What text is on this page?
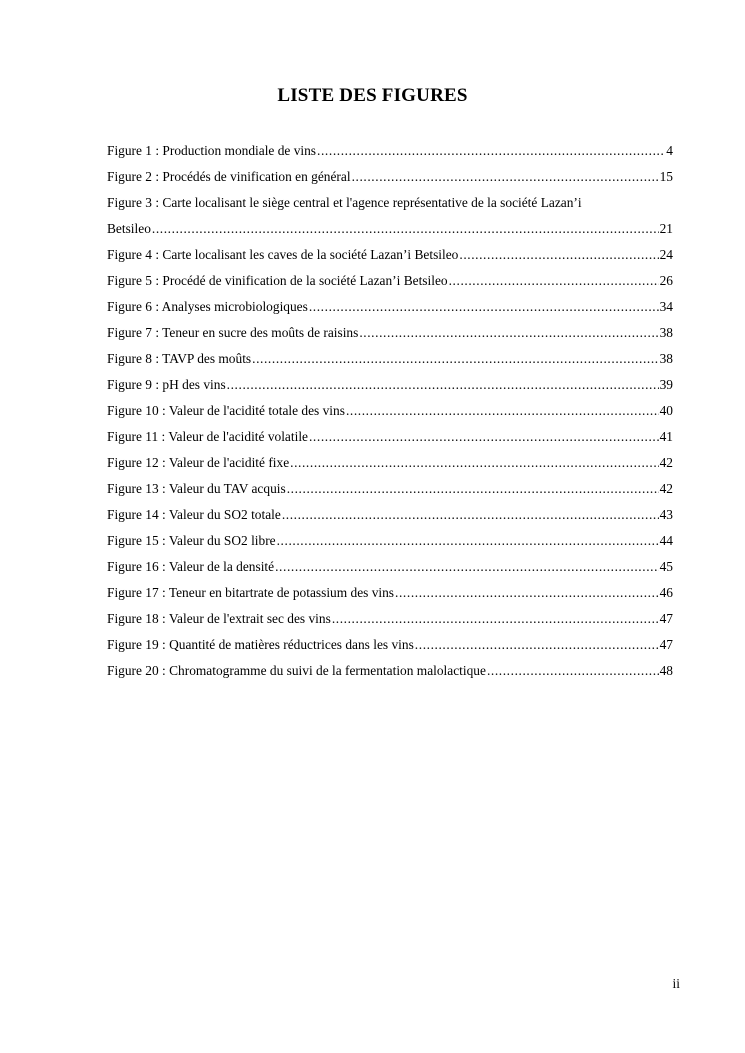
LISTE DES FIGURES
Figure 1 : Production mondiale de vins .....	4
Figure 2 : Procédés de vinification en général .....	15
Figure 3 : Carte localisant le siège central et l'agence représentative de la société Lazan’i
Betsileo .....	21
Figure 4 : Carte localisant les caves de la société Lazan’i Betsileo .....	24
Figure 5 : Procédé de vinification de la société Lazan’i Betsileo .....	26
Figure 6 : Analyses microbiologiques .....	34
Figure 7 : Teneur en sucre des moûts de raisins .....	38
Figure 8 : TAVP des moûts .....	38
Figure 9 : pH des vins .....	39
Figure 10 : Valeur de l'acidité totale des vins .....	40
Figure 11 : Valeur de l'acidité volatile .....	41
Figure 12 : Valeur de l'acidité fixe .....	42
Figure 13 : Valeur du TAV acquis .....	42
Figure 14 : Valeur du SO2 totale .....	43
Figure 15 : Valeur du SO2 libre .....	44
Figure 16 : Valeur de la densité .....	45
Figure 17 : Teneur en bitartrate de potassium des vins .....	46
Figure 18 : Valeur de l'extrait sec des vins .....	47
Figure 19 : Quantité de matières réductrices dans les vins .....	47
Figure 20 : Chromatogramme du suivi de la fermentation malolactique .....	48
ii
